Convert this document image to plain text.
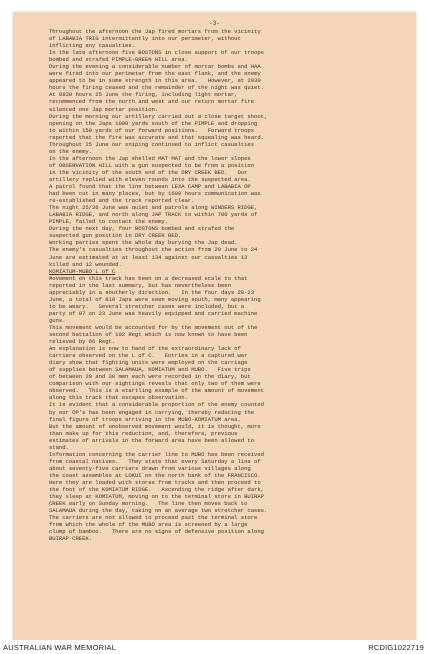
-3-
Throughout the afternoon the Jap fired mortars from the vicinity
of LABABIA TRIG intermittently into our perimeter, without
inflicting any casualties.
In the late afternoon five BOSTONS in close support of our troops
bombed and strafed PIMPLE-GREEN HILL area.
During the evening a considerable number of mortar bombs and HAA
were fired into our perimeter from the east flank, and the enemy
appeared to be in some strength in this area.   However, at 2030
hours the firing ceased and the remainder of the night was quiet.
At 0830 hours 25 June the firing, including light mortar,
recommenced from the north and west and our return mortar fire
silenced one Jap mortar position.
During the morning our artillery carried out a close target shoot,
opening on the Japs 1000 yards south of the PIMPLE and dropping
to within 150 yards of our forward positions.   Forward troops
reported that the fire was accurate and that squealing was heard.
Throughout 25 June our sniping continued to inflict casualties
on the enemy.
In the afternoon the Jap shelled MAT MAT and the lower slopes
of OBSERVATION HILL with a gun suspected to be from a position
in the vicinity of the south end of the DRY CREEK BED.   Our
artillery replied with eleven rounds into the suspected area.
A patrol found that the line between LEXA CAMP and LABABIA OP
had been cut in many places, but by 1600 hours communication was
re-established and the track reported clear.
The night 25/26 June was quiet and patrols along WINDERS RIDGE,
LABABIA RIDGE, and north along JAP TRACK to within 700 yards of
PIMPLE, failed to contact the enemy.
During the next day, four BOSTONS bombed and strafed the
suspected gun position in DRY CREEK BED.
Working parties spent the whole day burying the Jap dead.
The enemy's casualties throughout the action from 20 June to 24
June are estimated at at least 134 against our casualties 12
killed and 12 wounded.
KOMIATUM-MUBO L of C
Movement on this track has been on a decreased scale to that
reported in the last summary, but has nevertheless been
appreciably in a southerly direction.   In the four days 20-23
June, a total of 810 Japs were seen moving south, many appearing
to be weary.   Several stretcher cases were included, but a
party of 87 on 23 June was heavily equipped and carried machine
guns.
This movement would be accounted for by the movement out of the
second battalion of 102 Regt which is now known to have been
relieved by 66 Regt.
An explanation is now to hand of the extraordinary lack of
carriers observed on the L of C.   Entries in a captured war
diary show that fighting units were employed on the carriage
of supplies between SALAMAUA, KOMIATUM and MUBO.   Five trips
of between 20 and 30 men each were recorded in the diary, but
comparison with our sightings reveals that only two of them were
observed.   This is a startling example of the amount of movement
along this track that escapes observation.
It is evident that a considerable proportion of the enemy counted
by our OP's has been engaged in carrying, thereby reducing the
final figure of troops arriving in the MUBO-KOMIATUM area.
But the amount of unobserved movement would, it is thought, more
than make up for this reduction, and, therefore, previous
estimates of arrivals in the forward area have been allowed to
stand.
Information concerning the carrier line to MUBO has been received
from coastal natives.   They state that every Saturday a line of
about seventy-five carriers drawn from various villages along
the coast assembles at LOKUI on the north bank of the FRANCISCO.
Here they are loaded with stores from trucks and then proceed to
the foot of the KOMIATUM RIDGE.   Ascending the ridge after dark,
they sleep at KOMIATUM, moving on to the terminal store in BUIRAP
CREEK early on Sunday morning.   The line then moves back to
SALAMAUA during the day, taking on an average two stretcher cases.
The carriers are not allowed to proceed past the terminal store
from which the whole of the MUBO area is screened by a large
clump of bamboo.   There are no signs of defensive position along
BUIRAP CREEK.
AUSTRALIAN WAR MEMORIAL	RCDIG1022719
